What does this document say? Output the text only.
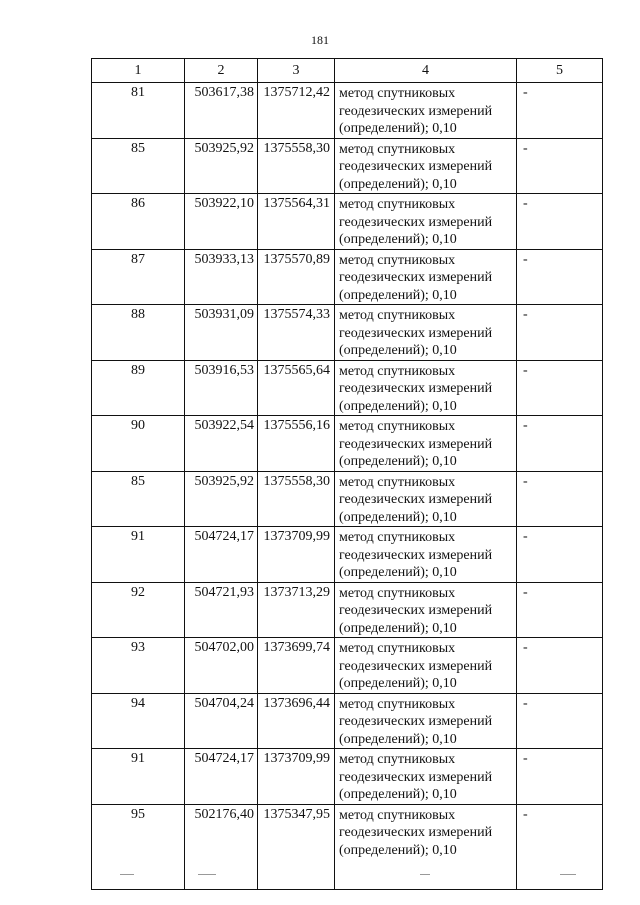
181
1	2	3	4	5
81	503617,38	1375712,42	метод спутниковых
геодезических измерений
(определений); 0,10	-
85	503925,92	1375558,30	метод спутниковых
геодезических измерений
(определений); 0,10	-
86	503922,10	1375564,31	метод спутниковых
геодезических измерений
(определений); 0,10	-
87	503933,13	1375570,89	метод спутниковых
геодезических измерений
(определений); 0,10	-
88	503931,09	1375574,33	метод спутниковых
геодезических измерений
(определений); 0,10	-
89	503916,53	1375565,64	метод спутниковых
геодезических измерений
(определений); 0,10	-
90	503922,54	1375556,16	метод спутниковых
геодезических измерений
(определений); 0,10	-
85	503925,92	1375558,30	метод спутниковых
геодезических измерений
(определений); 0,10	-
91	504724,17	1373709,99	метод спутниковых
геодезических измерений
(определений); 0,10	-
92	504721,93	1373713,29	метод спутниковых
геодезических измерений
(определений); 0,10	-
93	504702,00	1373699,74	метод спутниковых
геодезических измерений
(определений); 0,10	-
94	504704,24	1373696,44	метод спутниковых
геодезических измерений
(определений); 0,10	-
91	504724,17	1373709,99	метод спутниковых
геодезических измерений
(определений); 0,10	-
95	502176,40	1375347,95	метод спутниковых
геодезических измерений
(определений); 0,10	-
